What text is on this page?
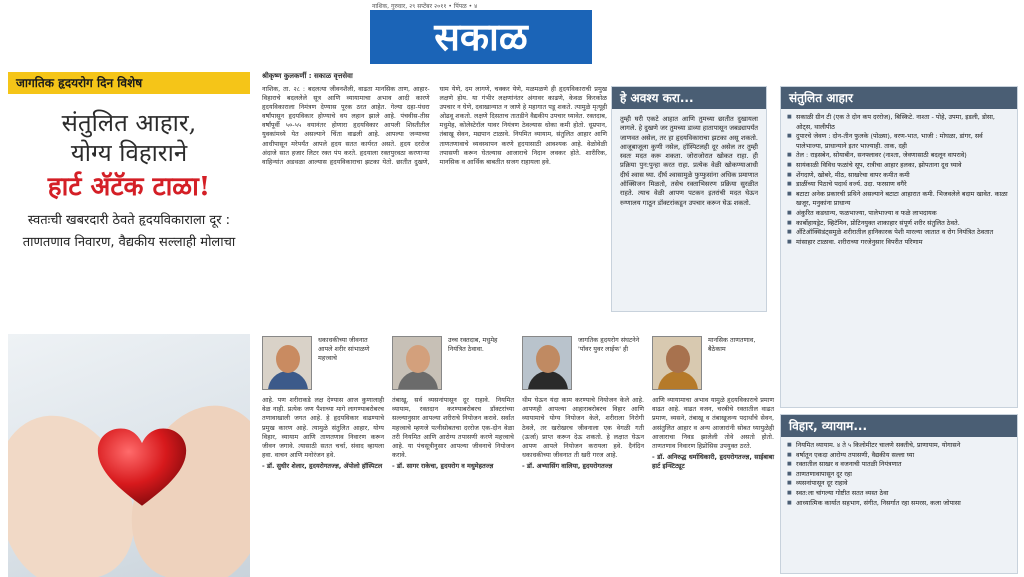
नाशिक, गुरुवार, २९ सप्टेंबर २०११ • पिंपळ • ४
सकाळ
जागतिक हृदयरोग दिन विशेष
संतुलित आहार,
योग्य विहाराने
हार्ट अ‍ॅटॅक टाळा!
स्वतःची खबरदारी ठेवते हृदयविकाराला दूर : ताणतणाव निवारण, वैद्यकीय सल्लाही मोलाचा
श्रीकृष्ण कुलकर्णी : सकाळ वृत्तसेवा
नाशिक, ता. २८ : बदलत्या जीवनशैली, वाढता मानसिक ताण, आहार-विहाराचे बदललेले सूत्र आणि व्यायामाचा अभाव आदी कारणे हृदयविकाराला निमंत्रण देण्यास पूरक ठरत आहेत. गेल्या दहा-पंधरा वर्षांपासून हृदयविकार होण्याचे वय लहान झाले आहे. पंचवीस-तीस वर्षांपूर्वी ५०-५५ वयानंतर होणारा हृदयविकार आपली शिस्तीतील युवकांमध्ये येत असल्याने चिंता वाढली आहे. आपल्या जन्माच्या आधीपासून मरेपर्यंत आपले हृदय सतत कार्यरत असते. हृदय दररोज अंदाजे सात हजार लिटर रक्त पंप करते. हृदयाला रक्तपुरवठा करणाऱ्या वाहिन्यांत अडथळा आल्यास हृदयविकाराचा झटका येतो. छातीत दुखणे, घाम येणे, दम लागणे, चक्कर येणे, मळमळणे ही हृदयविकाराची प्रमुख लक्षणे होय. या गंभीर लक्षणांनंतर अंगावर काढणे, केवळ किरकोळ उपचार न घेणे, दवाखान्यात न जाणे हे महागात पडू शकते. त्यामुळे मृत्यूही ओढवू शकतो. लक्षणे दिसताच तातडीने वैद्यकीय उपचार घ्यावेत. रक्तदाब, मधुमेह, कोलेस्टेरॉल यावर नियंत्रण ठेवल्यास धोका कमी होतो. धूम्रपान, तंबाखू सेवन, मद्यपान टाळावे. नियमित व्यायाम, संतुलित आहार आणि ताणतणावाचे व्यवस्थापन करणे हृदयासाठी आवश्यक आहे. वेळोवेळी तपासणी करून घेतल्यास आजाराचे निदान लवकर होते. शारीरिक, मानसिक व आर्थिक बाबतीत सजग राहायला हवे.
हे अवश्य करा...
तुम्ही घरी एकटे आहात आणि तुमच्या छातीत दुखायला लागले. हे दुखणे जर तुमच्या डाव्या हातापासून जबड्यापर्यंत जाणवत असेल, तर हा हृदयविकाराचा झटका असू शकतो. आजूबाजूला कुणी नसेल, हॉस्पिटलही दूर असेल तर तुम्ही स्वतः मदत करू शकता. जोराजोरात खोकत राहा. ही प्रक्रिया पुन:पुन्हा करत राहा. प्रत्येक वेळी खोकण्याआधी दीर्घ श्वास घ्या. दीर्घ श्वासामुळे फुप्फुसांना अधिक प्रमाणात ऑक्सिजन मिळतो, तसेच रक्ताभिसरण प्रक्रिया सुरळीत राहते. त्याच वेळी आपण पटकन इतरांची मदत घेऊन रुग्णालय गाठून डॉक्टरांकडून उपचार करून घेऊ शकतो.
संतुलित आहार
■ सकाळी ग्रीन टी (एक ते दोन कप दररोज), बिस्किटे. नाश्ता - पोहे, उपमा, इडली, डोसा, ओट्स, थालीपीठ
■ दुपारचे जेवण : दोन-तीन फुलके (पोळ्या), वरण-भात, भाजी : मोघळा, डांगर, सर्व पालेभाज्या, प्राधान्याने इतर भाज्याही. ताक, दही
■ तेल : राइसबेन, सोयाबीन, सनफ्लावर (नाश्ता, जेवणासाठी बदलून वापरावे)
■ सायंकाळी विविध फळांचे सूप, रात्रीचा आहार हलका, झोपताना दूध घ्यावे
■ शेंगदाणे, खोबरे, मीठ, साखरेचा वापर कमीत कमी
■ डाळींच्या पिठाचे पदार्थ वर्ज्य. उदा. फरसाण वगैरे
■ बटाटा अनेक प्रकारची प्रथिने असल्याने बटाटा आहारात कमी. भिजवलेले बदाम खावेत. काळा खजूर, मनुकांना प्राधान्य
■ अंकुरित कडधान्य, फळभाज्या, पालेभाज्या व फळे लाभदायक
■ कार्बोहायड्रेट, व्हिटॅमिन, प्रोटिनयुक्त शाकाहार संपूर्ण शरीर संतुलित ठेवते.
■ ॲंटिऑक्सिडंट्समुळे शरीरातील हानिकारक पेशी मारल्या जातात व रोग नियंत्रित ठेवतात
■ मांसाहार टाळावा. शरीराच्या गरजेनुसार विपरीत परिणाम
विहार, व्यायाम...
■ नियमित व्यायाम. ४ ते ५ किलोमीटर चालणे सक्तीचे, प्राणायाम, योगासने
■ वर्षातून एकदा आरोग्य तपासणी, वैद्यकीय सल्ला घ्या
■ रक्तातील साखर व वजनाची पातळी नियंत्रणात
■ ताणतणावापासून दूर रहा
■ व्यसनांपासून दूर राहावे
■ स्वत:ला चांगल्या गोष्टीत सतत व्यस्त ठेवा
■ आध्यात्मिक कार्यात सहभाग, संगीत, निसर्गात रहा समरस, कला जोपासा
धकाधकीच्या जीवनात आपले शरीर सांभाळणे महत्त्वाचे
आहे. पण शरीराकडे लक्ष देण्यास आज कुणालाही वेळ नाही. प्रत्येक जण पैशाच्या मागे लागण्याबरोबरच तणावाखाली जगत आहे. हे हृदयविकार वाढण्याचे प्रमुख कारण आहे. त्यामुळे संतुलित आहार, योग्य विहार, व्यायाम आणि ताणतणाव निवारण करून जीवन जगावे. त्यासाठी सतत चर्चा, संवाद व्हायला हवा. वाचन आणि मनोरंजन हवे.
- डॉ. सुधीर शेलार, हृदयरोगतज्ज्ञ, ॲपोलो हॉस्पिटल
उच्च रक्तदाब, मधुमेह नियंत्रित ठेवावा.
तंबाखू, सर्व व्यसनांपासून दूर राहावे. नियमित व्यायाम, रक्तदान करण्याबरोबरच डॉक्टरांच्या सल्ल्यानुसार आपल्या शरीराचे नियोजन करावे. सर्वात महत्त्वाचे म्हणजे पत्नीसोबतचा दररोज एक-दोन वेळा तरी नियमित आणि आरोग्य तपासणी करणे महत्त्वाचे आहे. या पंचसूत्रीनुसार आपल्या जीवनाचे नियोजन करावे.
- डॉ. सागर राकेचा, हृदयरोग व मधुमेहतज्ज्ञ
जागतिक हृदयरोग संघटनेने 'पॉवर युवर लाईफ' ही
थीम घेऊन यंदा काम करण्याचे नियोजन केले आहे. आपणही आपल्या आहाराबरोबरच विहार आणि व्यायामाचे योग्य नियोजन केले, शरीराला निरोगी ठेवले, तर खरोखरच जीवनाला एक वेगळी गती (ऊर्जा) प्राप्त करून देऊ शकतो. हे लक्षात घेऊन आपण आपले नियोजन करायला हवे. दैनंदिन धकाधकीच्या जीवनात ती खरी गरज आहे.
- डॉ. अभ्यासिंग वालिया, हृदयरोगतज्ज्ञ
मानसिक ताणतणाव, बैठेकाम
आणि व्यायामाचा अभाव यामुळे हृदयविकाराचे प्रमाण वाढत आहे. वाढत वजन, चरबीचे रक्तातील वाढत प्रमाण, व्यसने, तंबाखू व तंबाखूजन्य पदार्थांचे सेवन, असंतुलित आहार व अन्य आजारांनी सोबत घ्यायुळेही आजाराचा निवड झालेली तोवे असतो होतो. ताणतणाव निवारण हिप्नोसिस उपयुक्त ठरते.
- डॉ. अनिरुद्ध धर्माधिकारी, हृदयरोगतज्ज्ञ, साईबाबा हार्ट इन्स्टिट्यूट
